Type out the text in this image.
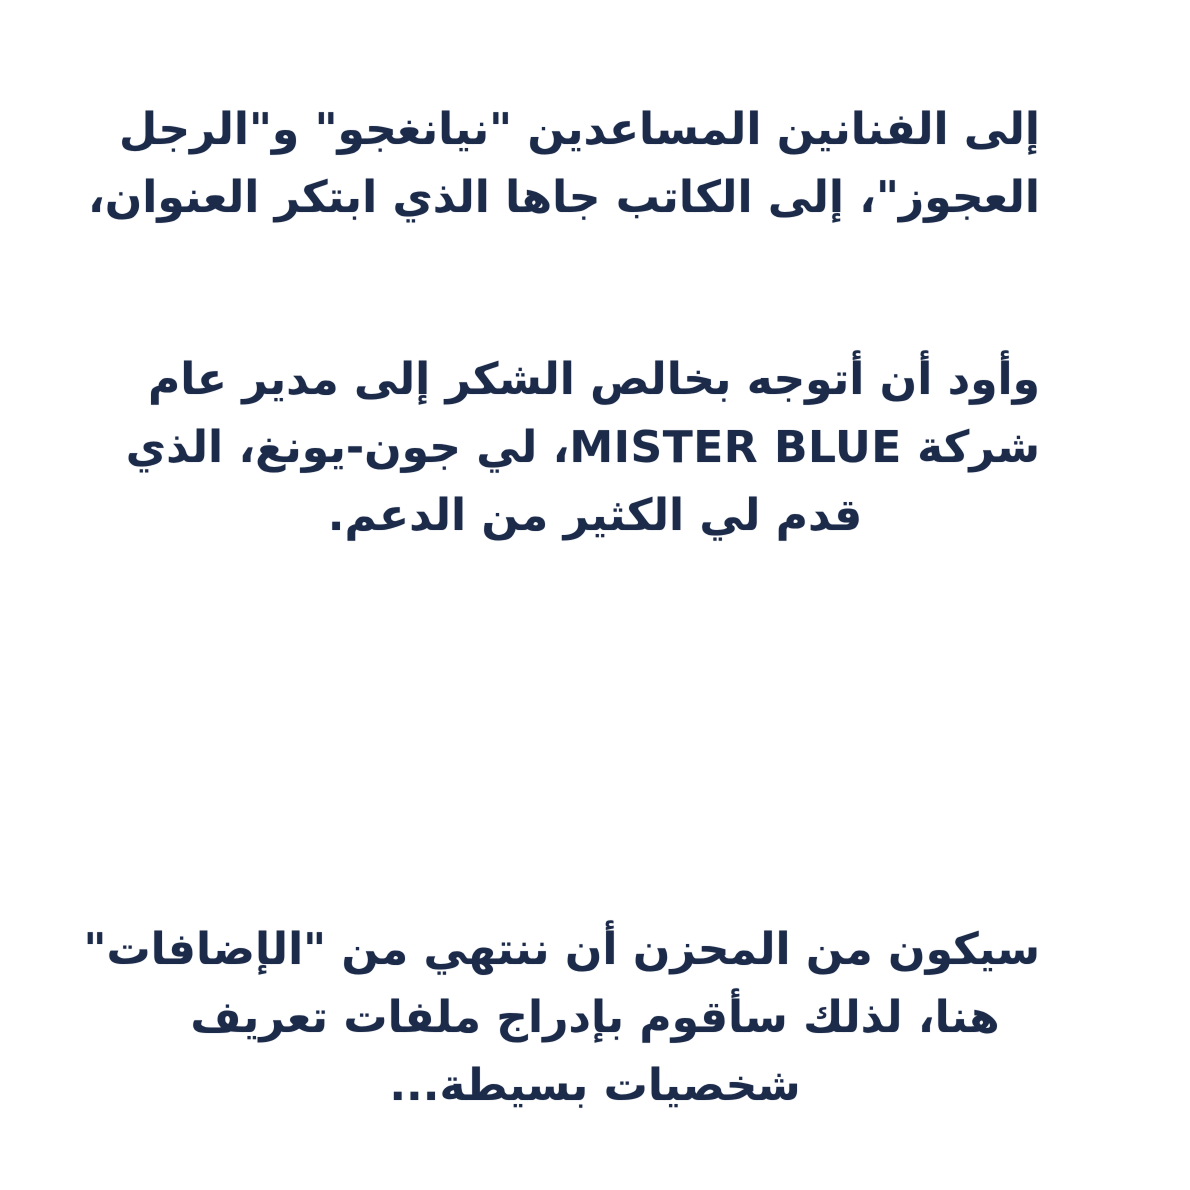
إلى الفنانين المساعدين "نيانغجو" و"الرجل
العجوز"، إلى الكاتب جاها الذي ابتكر العنوان،
وأود أن أتوجه بخالص الشكر إلى مدير عام
شركة MISTER BLUE، لي جون-يونغ، الذي
قدم لي الكثير من الدعم.
سيكون من المحزن أن ننتهي من "الإضافات"
هنا، لذلك سأقوم بإدراج ملفات تعريف
شخصيات بسيطة...
